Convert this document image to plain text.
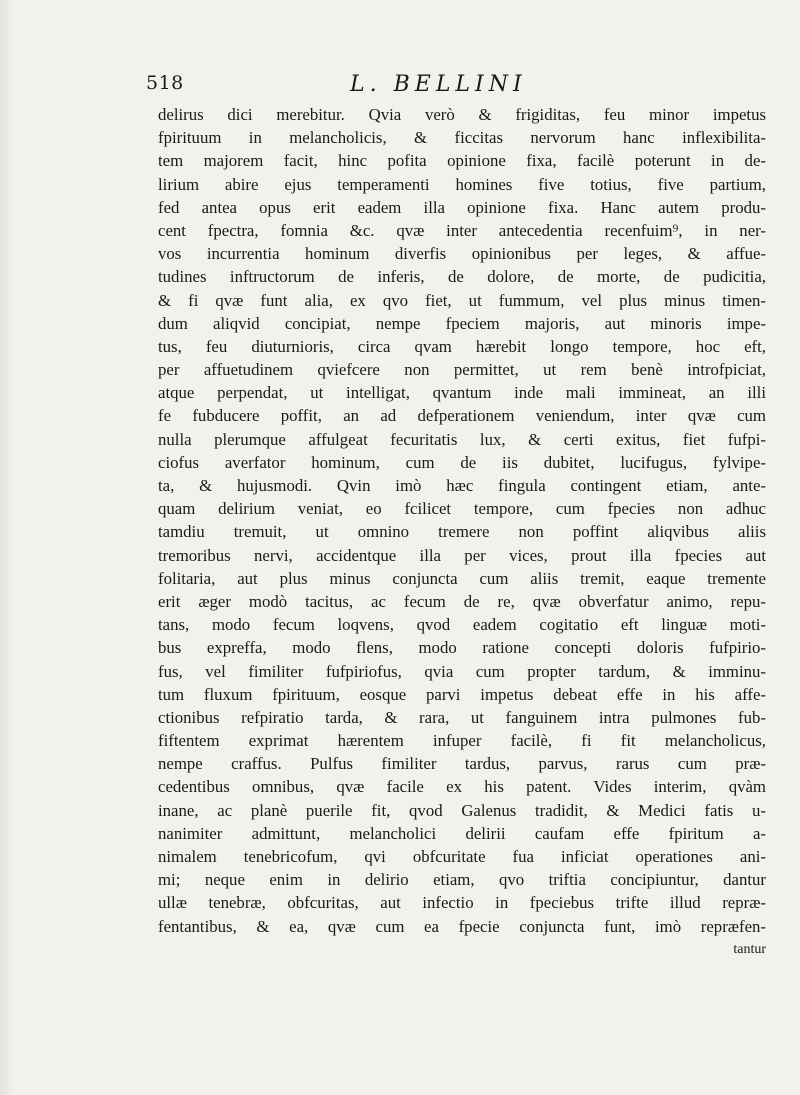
518	L. BELLINI
delirus dici merebitur. Qvia verò & frigiditas, feu minor impetus
fpirituum in melancholicis, & ficcitas nervorum hanc inflexibilita-
tem majorem facit, hinc pofita opinione fixa, facilè poterunt in de-
lirium abire ejus temperamenti homines five totius, five partium,
fed antea opus erit eadem illa opinione fixa. Hanc autem produ-
cent fpectra, fomnia &c. qvæ inter antecedentia recenfuim⁹, in ner-
vos incurrentia hominum diverfis opinionibus per leges, & affue-
tudines inftructorum de inferis, de dolore, de morte, de pudicitia,
& fi qvæ funt alia, ex qvo fiet, ut fummum, vel plus minus timen-
dum aliqvid concipiat, nempe fpeciem majoris, aut minoris impe-
tus, feu diuturnioris, circa qvam hærebit longo tempore, hoc eft,
per affuetudinem qviefcere non permittet, ut rem benè introfpiciat,
atque perpendat, ut intelligat, qvantum inde mali immineat, an illi
fe fubducere poffit, an ad defperationem veniendum, inter qvæ cum
nulla plerumque affulgeat fecuritatis lux, & certi exitus, fiet fufpi-
ciofus averfator hominum, cum de iis dubitet, lucifugus, fylvipe-
ta, & hujusmodi. Qvin imò hæc fingula contingent etiam, ante-
quam delirium veniat, eo fcilicet tempore, cum fpecies non adhuc
tamdiu tremuit, ut omnino tremere non poffint aliqvibus aliis
tremoribus nervi, accidentque illa per vices, prout illa fpecies aut
folitaria, aut plus minus conjuncta cum aliis tremit, eaque tremente
erit æger modò tacitus, ac fecum de re, qvæ obverfatur animo, repu-
tans, modo fecum loqvens, qvod eadem cogitatio eft linguæ moti-
bus expreffa, modo flens, modo ratione concepti doloris fufpirio-
fus, vel fimiliter fufpiriofus, qvia cum propter tardum, & imminu-
tum fluxum fpirituum, eosque parvi impetus debeat effe in his affe-
ctionibus refpiratio tarda, & rara, ut fanguinem intra pulmones fub-
fiftentem exprimat hærentem infuper facilè, fi fit melancholicus,
nempe craffus. Pulfus fimiliter tardus, parvus, rarus cum præ-
cedentibus omnibus, qvæ facile ex his patent. Vides interim, qvàm
inane, ac planè puerile fit, qvod Galenus tradidit, & Medici fatis u-
nanimiter admittunt, melancholici delirii caufam effe fpiritum a-
nimalem tenebricofum, qvi obfcuritate fua inficiat operationes ani-
mi; neque enim in delirio etiam, qvo triftia concipiuntur, dantur
ullæ tenebræ, obfcuritas, aut infectio in fpeciebus trifte illud repræ-
fentantibus, & ea, qvæ cum ea fpecie conjuncta funt, imò repræfen-
tantur
